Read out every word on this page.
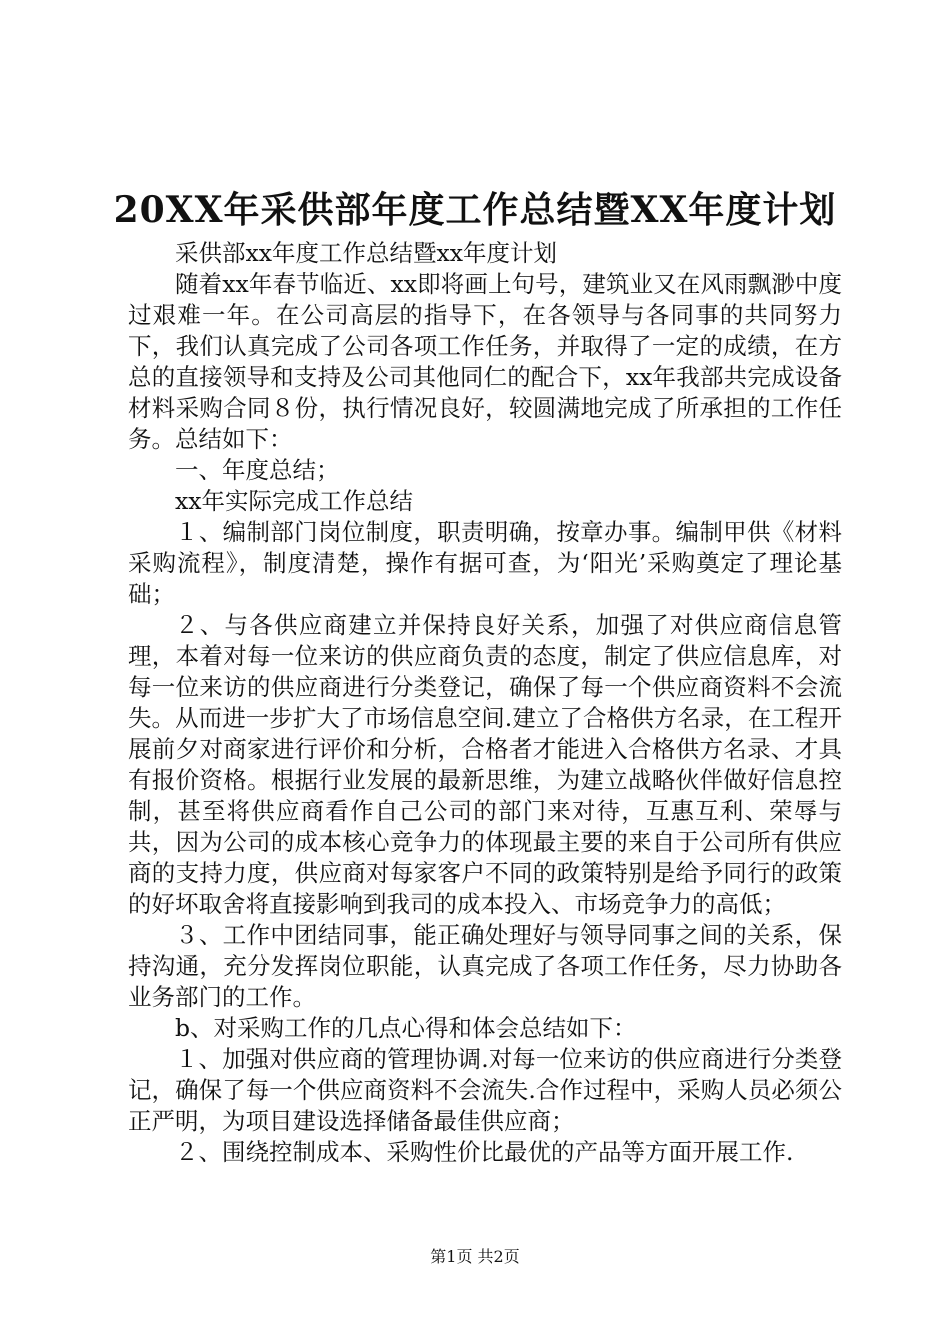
20XX年采供部年度工作总结暨XX年度计划

采供部xx年度工作总结暨xx年度计划

随着xx年春节临近、xx即将画上句号，建筑业又在风雨飘渺中度过艰难一年。在公司高层的指导下，在各领导与各同事的共同努力下，我们认真完成了公司各项工作任务，并取得了一定的成绩，在方总的直接领导和支持及公司其他同仁的配合下，xx年我部共完成设备材料采购合同８份，执行情况良好，较圆满地完成了所承担的工作任务。总结如下：

一、年度总结；

xx年实际完成工作总结

１、编制部门岗位制度，职责明确，按章办事。编制甲供《材料采购流程》，制度清楚，操作有据可查，为‘阳光’采购奠定了理论基础；

２、与各供应商建立并保持良好关系，加强了对供应商信息管理，本着对每一位来访的供应商负责的态度，制定了供应信息库，对每一位来访的供应商进行分类登记，确保了每一个供应商资料不会流失。从而进一步扩大了市场信息空间.建立了合格供方名录，在工程开展前夕对商家进行评价和分析，合格者才能进入合格供方名录、才具有报价资格。根据行业发展的最新思维，为建立战略伙伴做好信息控制，甚至将供应商看作自己公司的部门来对待，互惠互利、荣辱与共，因为公司的成本核心竞争力的体现最主要的来自于公司所有供应商的支持力度，供应商对每家客户不同的政策特别是给予同行的政策的好坏取舍将直接影响到我司的成本投入、市场竞争力的高低；

３、工作中团结同事，能正确处理好与领导同事之间的关系，保持沟通，充分发挥岗位职能，认真完成了各项工作任务，尽力协助各业务部门的工作。

b、对采购工作的几点心得和体会总结如下：

１、加强对供应商的管理协调.对每一位来访的供应商进行分类登记，确保了每一个供应商资料不会流失.合作过程中，采购人员必须公正严明，为项目建设选择储备最佳供应商；

２、围绕控制成本、采购性价比最优的产品等方面开展工作.

第1页 共2页
